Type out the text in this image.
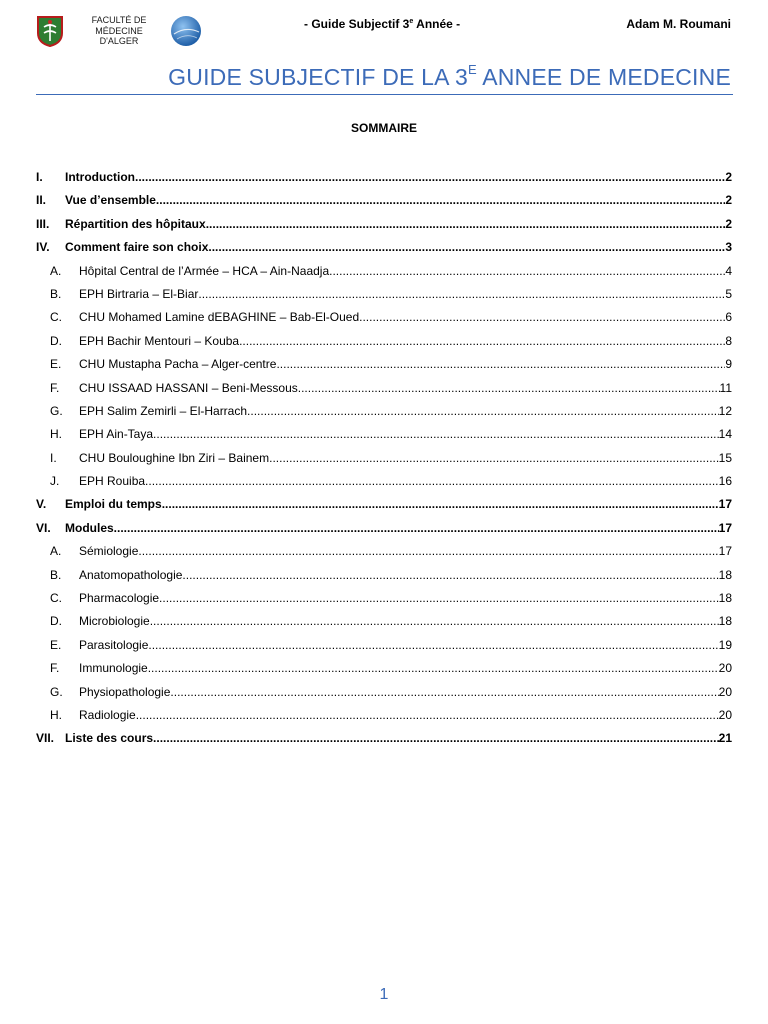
FACULTÉ DE MÉDECINE
D'ALGER
- Guide Subjectif 3e Année -	Adam M. Roumani
GUIDE SUBJECTIF DE LA $3^E$ ANNEE DE MEDECINE
SOMMAIRE
I.	Introduction .....	2
II.	Vue d’ensemble .....	2
III.	Répartition des hôpitaux .....	2
IV.	Comment faire son choix .....	3
A.	Hôpital Central de l’Armée – HCA – Ain-Naadja .....	4
B.	EPH Birtraria – El-Biar .....	5
C.	CHU Mohamed Lamine dEBAGHINE – Bab-El-Oued .....	6
D.	EPH Bachir Mentouri – Kouba .....	8
E.	CHU Mustapha Pacha – Alger-centre .....	9
F.	CHU ISSAAD HASSANI – Beni-Messous .....	11
G.	EPH Salim Zemirli – El-Harrach .....	12
H.	EPH Ain-Taya .....	14
I.	CHU Bouloughine Ibn Ziri – Bainem .....	15
J.	EPH Rouiba .....	16
V.	Emploi du temps .....	17
VI.	Modules .....	17
A.	Sémiologie .....	17
B.	Anatomopathologie .....	18
C.	Pharmacologie .....	18
D.	Microbiologie .....	18
E.	Parasitologie .....	19
F.	Immunologie .....	20
G.	Physiopathologie .....	20
H.	Radiologie .....	20
VII. Liste des cours .....	21
1
